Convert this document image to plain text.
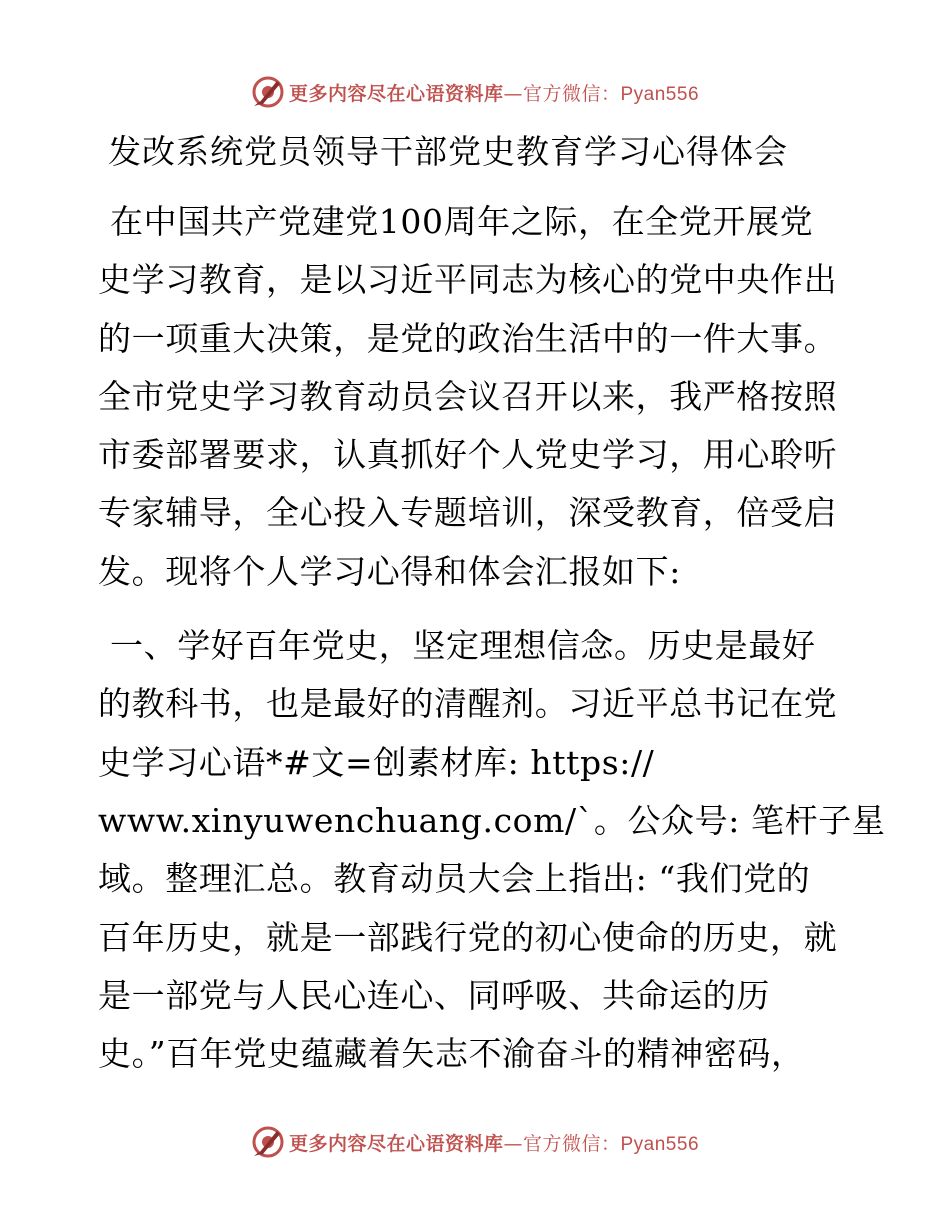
更多内容尽在心语资料库—官方微信：Pyan556
发改系统党员领导干部党史教育学习心得体会
在中国共产党建党100周年之际，在全党开展党
史学习教育，是以习近平同志为核心的党中央作出
的一项重大决策，是党的政治生活中的一件大事。
全市党史学习教育动员会议召开以来，我严格按照
市委部署要求，认真抓好个人党史学习，用心聆听
专家辅导，全心投入专题培训，深受教育，倍受启
发。现将个人学习心得和体会汇报如下:
一、学好百年党史，坚定理想信念。历史是最好
的教科书，也是最好的清醒剂。习近平总书记在党
史学习心语*#文=创素材库: https://
www.xinyuwenchuang.com/`。公众号: 笔杆子星
域。整理汇总。教育动员大会上指出: “我们党的
百年历史，就是一部践行党的初心使命的历史，就
是一部党与人民心连心、同呼吸、共命运的历
史。”百年党史蕴藏着矢志不渝奋斗的精神密码，
更多内容尽在心语资料库—官方微信：Pyan556
